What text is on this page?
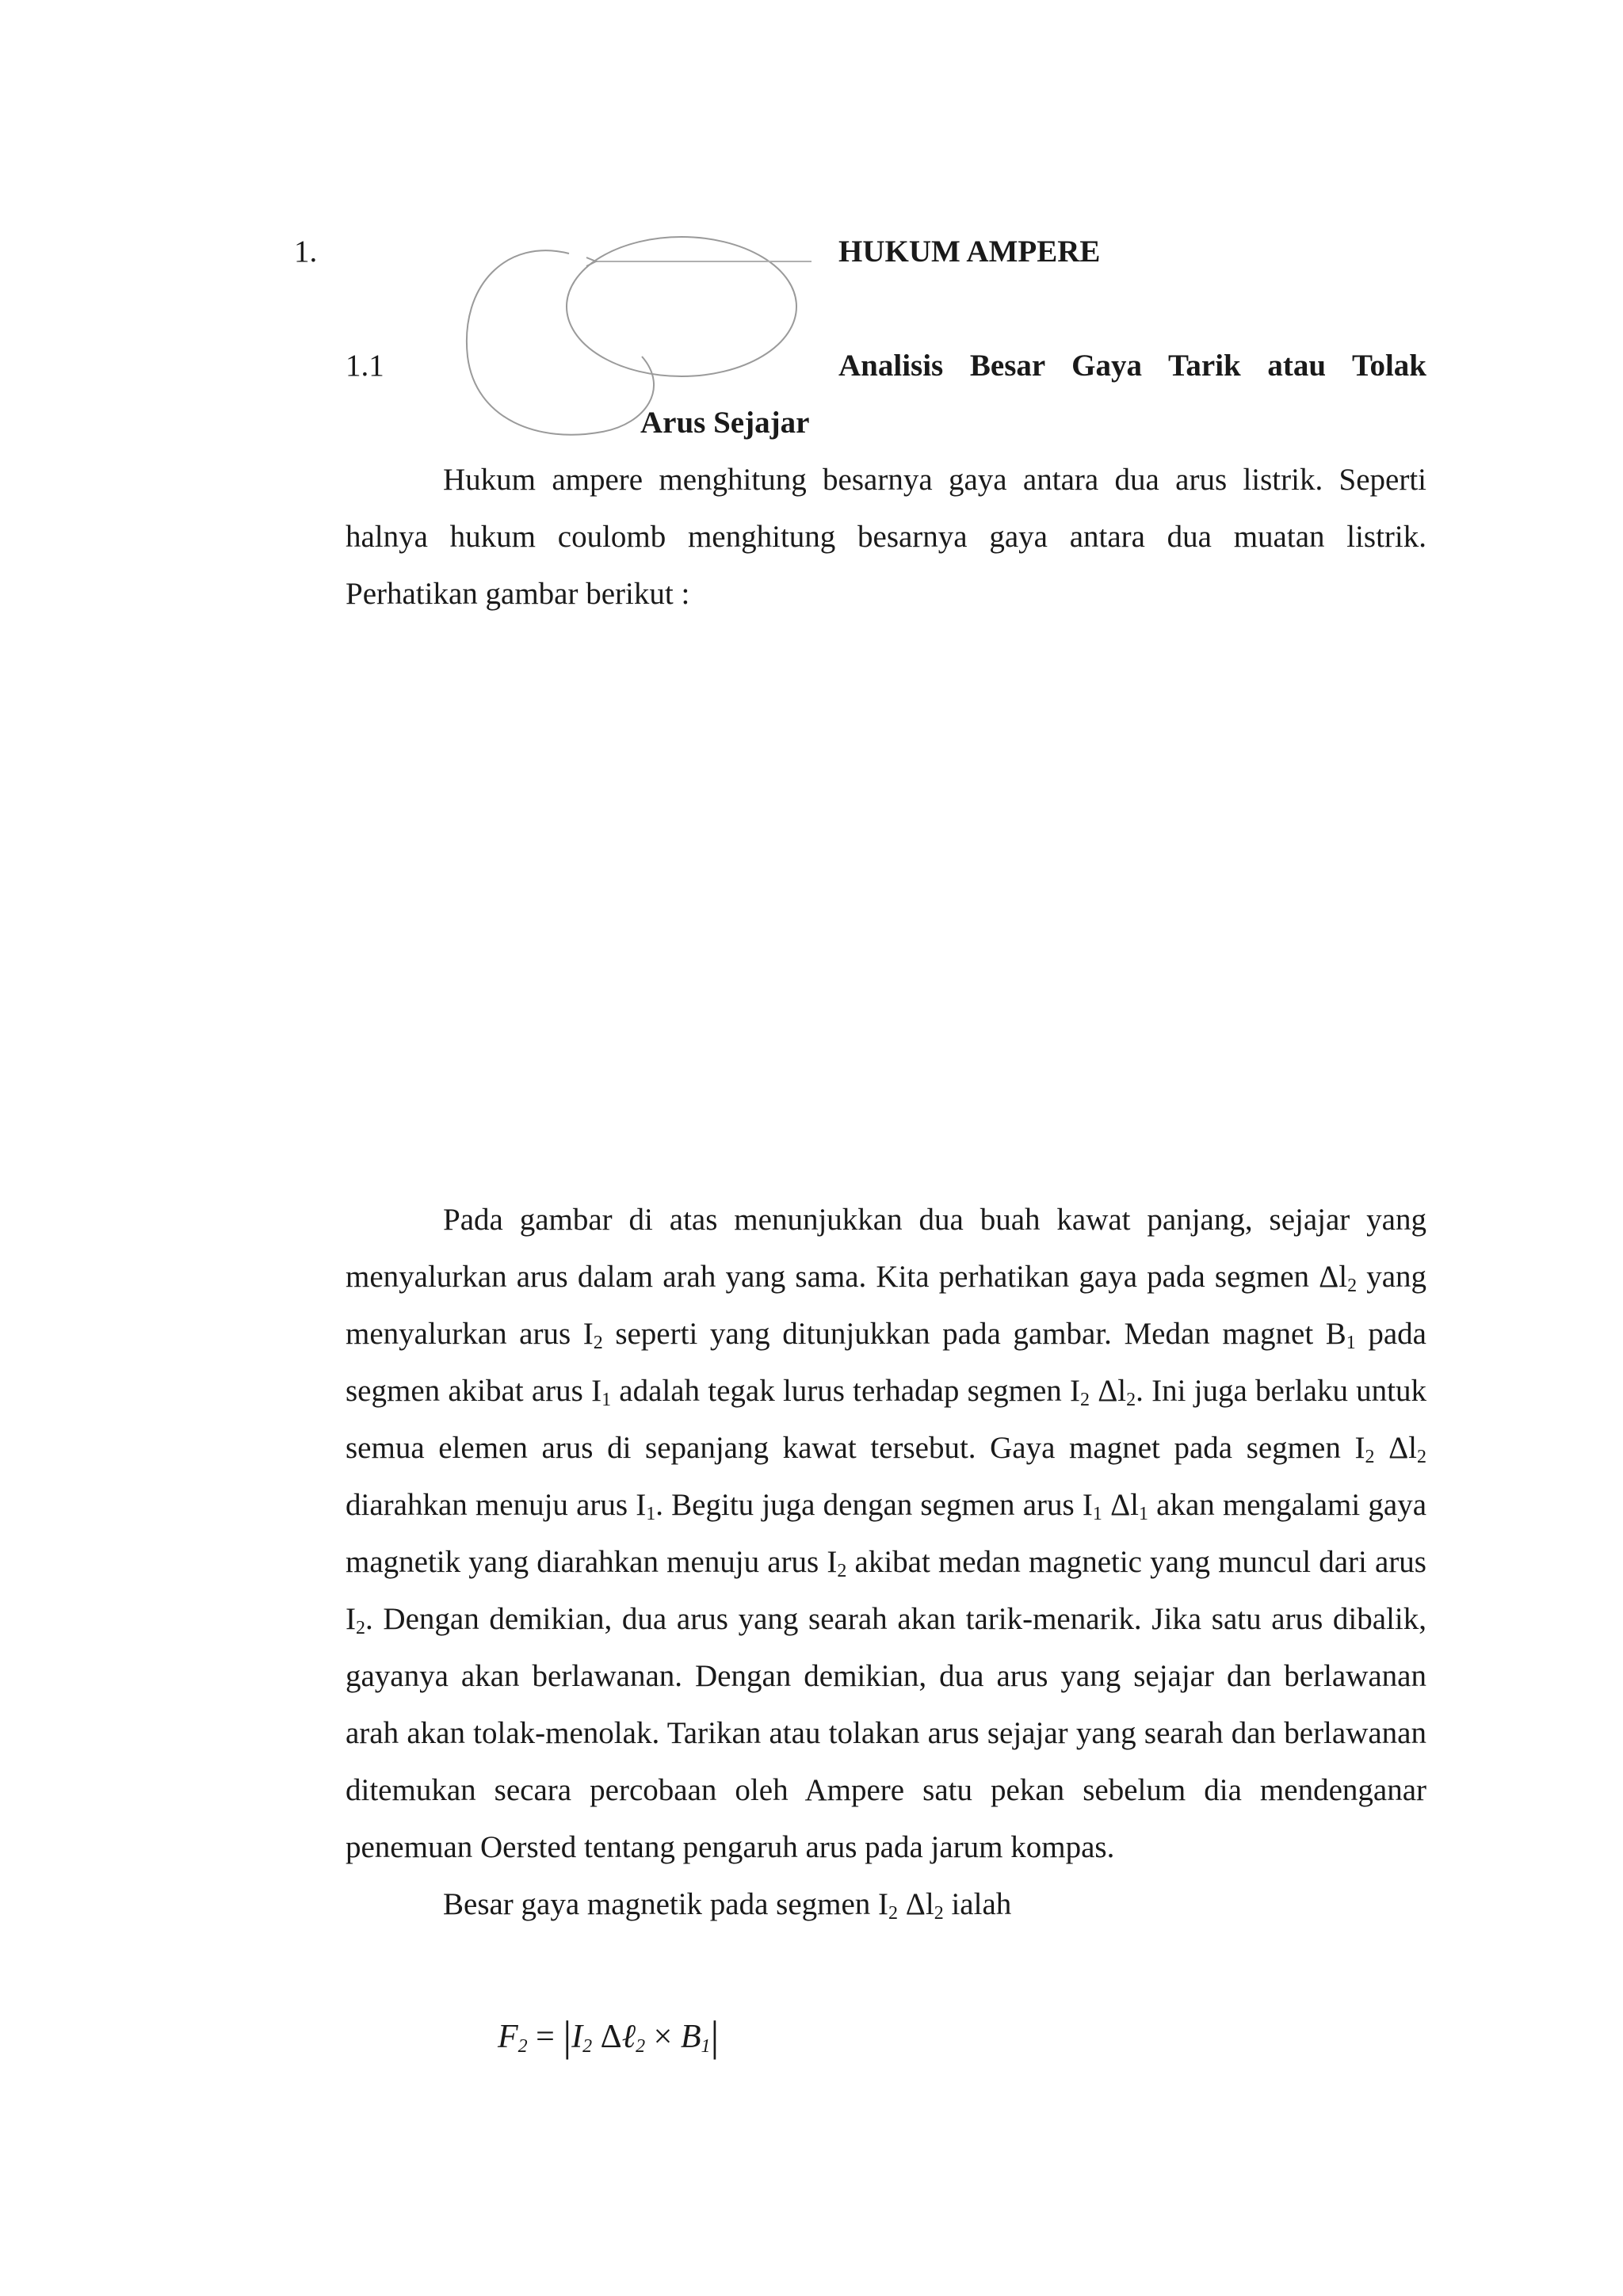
1.	HUKUM AMPERE
1.1	Analisis Besar Gaya Tarik atau Tolak
Arus Sejajar

Hukum ampere menghitung besarnya gaya antara dua arus listrik. Seperti

halnya hukum coulomb menghitung besarnya gaya antara dua muatan listrik.

Perhatikan gambar berikut :

Pada gambar di atas menunjukkan dua buah kawat panjang, sejajar yang menyalurkan arus dalam arah yang sama. Kita perhatikan gaya pada segmen $\Delta l_2$ yang menyalurkan arus $I_2$ seperti yang ditunjukkan pada gambar. Medan magnet $B_1$ pada segmen akibat arus $I_1$ adalah tegak lurus terhadap segmen $I_2$ $\Delta l_2$. Ini juga berlaku untuk semua elemen arus di sepanjang kawat tersebut. Gaya magnet pada segmen $I_2$ $\Delta l_2$ diarahkan menuju arus $I_1$. Begitu juga dengan segmen arus $I_1$ $\Delta l_1$ akan mengalami gaya magnetik yang diarahkan menuju arus $I_2$ akibat medan magnetic yang muncul dari arus $I_2$. Dengan demikian, dua arus yang searah akan tarik-menarik. Jika satu arus dibalik, gayanya akan berlawanan. Dengan demikian, dua arus yang sejajar dan berlawanan arah akan tolak-menolak. Tarikan atau tolakan arus sejajar yang searah dan berlawanan ditemukan secara percobaan oleh Ampere satu pekan sebelum dia mendenganar penemuan Oersted tentang pengaruh arus pada jarum kompas.

Besar gaya magnetik pada segmen $I_2$ $\Delta l_2$ ialah

$F_2 = |I_2$ Δℓ$_2$ × $B_1|$
